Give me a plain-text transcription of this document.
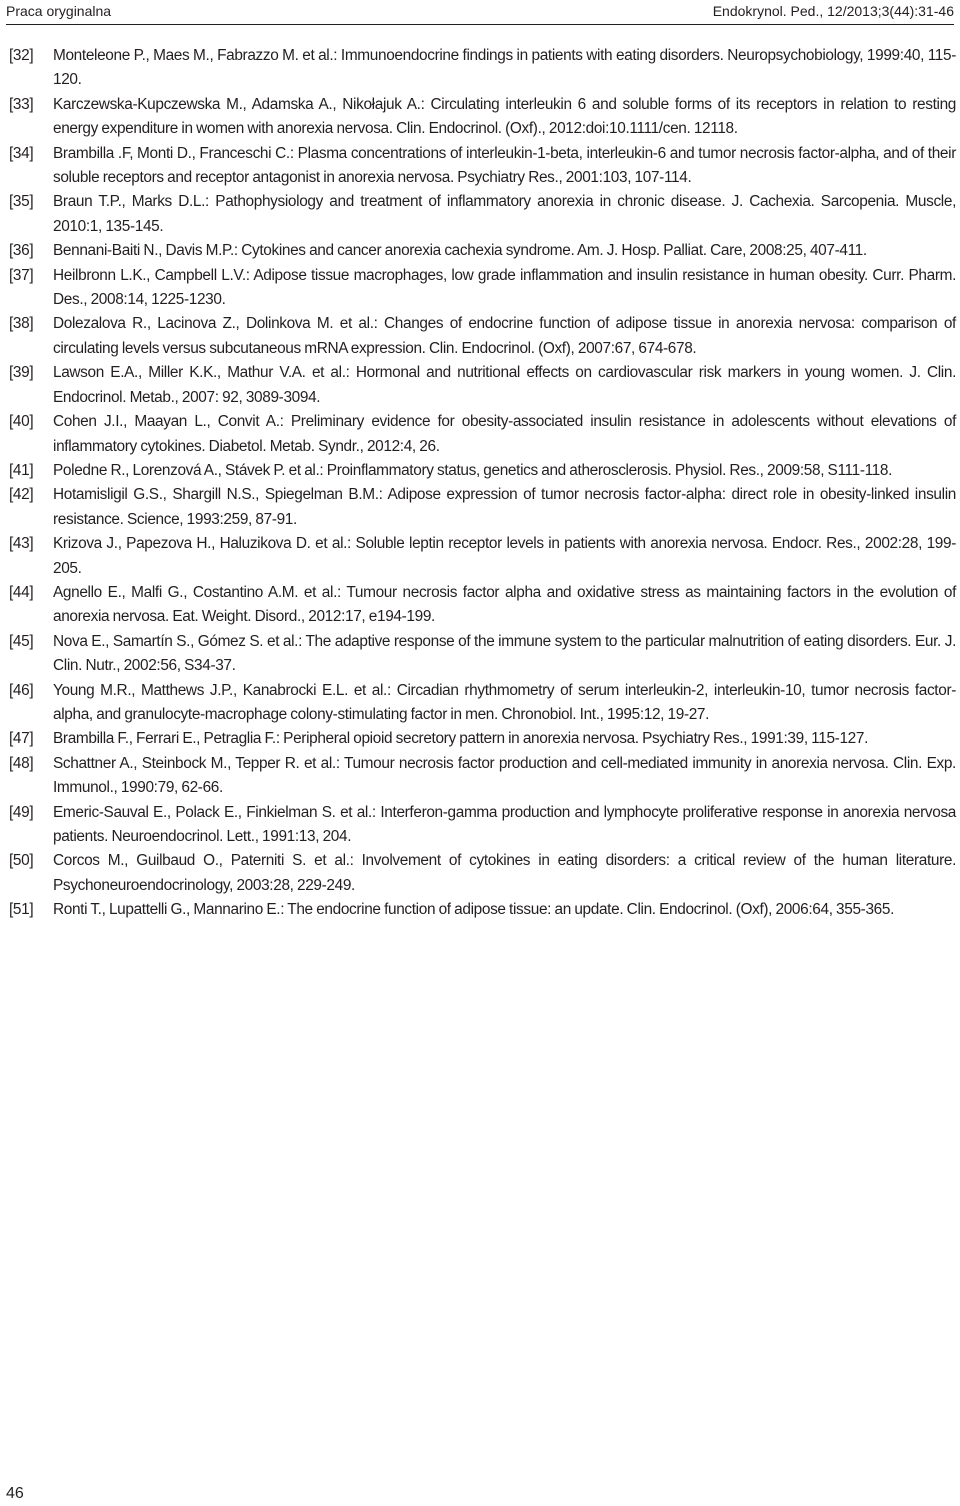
Praca oryginalna	Endokrynol. Ped., 12/2013;3(44):31-46
[32]	Monteleone P., Maes M., Fabrazzo M. et al.: Immunoendocrine findings in patients with eating disorders. Neuropsychobiology, 1999:40, 115-120.
[33]	Karczewska-Kupczewska M., Adamska A., Nikołajuk A.: Circulating interleukin 6 and soluble forms of its receptors in relation to resting energy expenditure in women with anorexia nervosa. Clin. Endocrinol. (Oxf)., 2012:doi:10.1111/cen. 12118.
[34]	Brambilla .F, Monti D., Franceschi C.: Plasma concentrations of interleukin-1-beta, interleukin-6 and tumor necrosis factor-alpha, and of their soluble receptors and receptor antagonist in anorexia nervosa. Psychiatry Res., 2001:103, 107-114.
[35]	Braun T.P., Marks D.L.: Pathophysiology and treatment of inflammatory anorexia in chronic disease. J. Cachexia. Sarcopenia. Muscle, 2010:1, 135-145.
[36]	Bennani-Baiti N., Davis M.P.: Cytokines and cancer anorexia cachexia syndrome. Am. J. Hosp. Palliat. Care, 2008:25, 407-411.
[37]	Heilbronn L.K., Campbell L.V.: Adipose tissue macrophages, low grade inflammation and insulin resistance in human obesity. Curr. Pharm. Des., 2008:14, 1225-1230.
[38]	Dolezalova R., Lacinova Z., Dolinkova M. et al.: Changes of endocrine function of adipose tissue in anorexia nervosa: comparison of circulating levels versus subcutaneous mRNA expression. Clin. Endocrinol. (Oxf), 2007:67, 674-678.
[39]	Lawson E.A., Miller K.K., Mathur V.A. et al.: Hormonal and nutritional effects on cardiovascular risk markers in young women. J. Clin. Endocrinol. Metab., 2007: 92, 3089-3094.
[40]	Cohen J.I., Maayan L., Convit A.: Preliminary evidence for obesity-associated insulin resistance in adolescents without elevations of inflammatory cytokines. Diabetol. Metab. Syndr., 2012:4, 26.
[41]	Poledne R., Lorenzová A., Stávek P. et al.: Proinflammatory status, genetics and atherosclerosis. Physiol. Res., 2009:58, S111-118.
[42]	Hotamisligil G.S., Shargill N.S., Spiegelman B.M.: Adipose expression of tumor necrosis factor-alpha: direct role in obesity-linked insulin resistance. Science, 1993:259, 87-91.
[43]	Krizova J., Papezova H., Haluzikova D. et al.: Soluble leptin receptor levels in patients with anorexia nervosa. Endocr. Res., 2002:28, 199-205.
[44]	Agnello E., Malfi G., Costantino A.M. et al.: Tumour necrosis factor alpha and oxidative stress as maintaining factors in the evolution of anorexia nervosa. Eat. Weight. Disord., 2012:17, e194-199.
[45]	Nova E., Samartín S., Gómez S. et al.: The adaptive response of the immune system to the particular malnutrition of eating disorders. Eur. J. Clin. Nutr., 2002:56, S34-37.
[46]	Young M.R., Matthews J.P., Kanabrocki E.L. et al.: Circadian rhythmometry of serum interleukin-2, interleukin-10, tumor necrosis factor-alpha, and granulocyte-macrophage colony-stimulating factor in men. Chronobiol. Int., 1995:12, 19-27.
[47]	Brambilla F., Ferrari E., Petraglia F.: Peripheral opioid secretory pattern in anorexia nervosa. Psychiatry Res., 1991:39, 115-127.
[48]	Schattner A., Steinbock M., Tepper R. et al.: Tumour necrosis factor production and cell-mediated immunity in anorexia nervosa. Clin. Exp. Immunol., 1990:79, 62-66.
[49]	Emeric-Sauval E., Polack E., Finkielman S. et al.: Interferon-gamma production and lymphocyte proliferative response in anorexia nervosa patients. Neuroendocrinol. Lett., 1991:13, 204.
[50]	Corcos M., Guilbaud O., Paterniti S. et al.: Involvement of cytokines in eating disorders: a critical review of the human literature. Psychoneuroendocrinology, 2003:28, 229-249.
[51]	Ronti T., Lupattelli G., Mannarino E.: The endocrine function of adipose tissue: an update. Clin. Endocrinol. (Oxf), 2006:64, 355-365.
46
